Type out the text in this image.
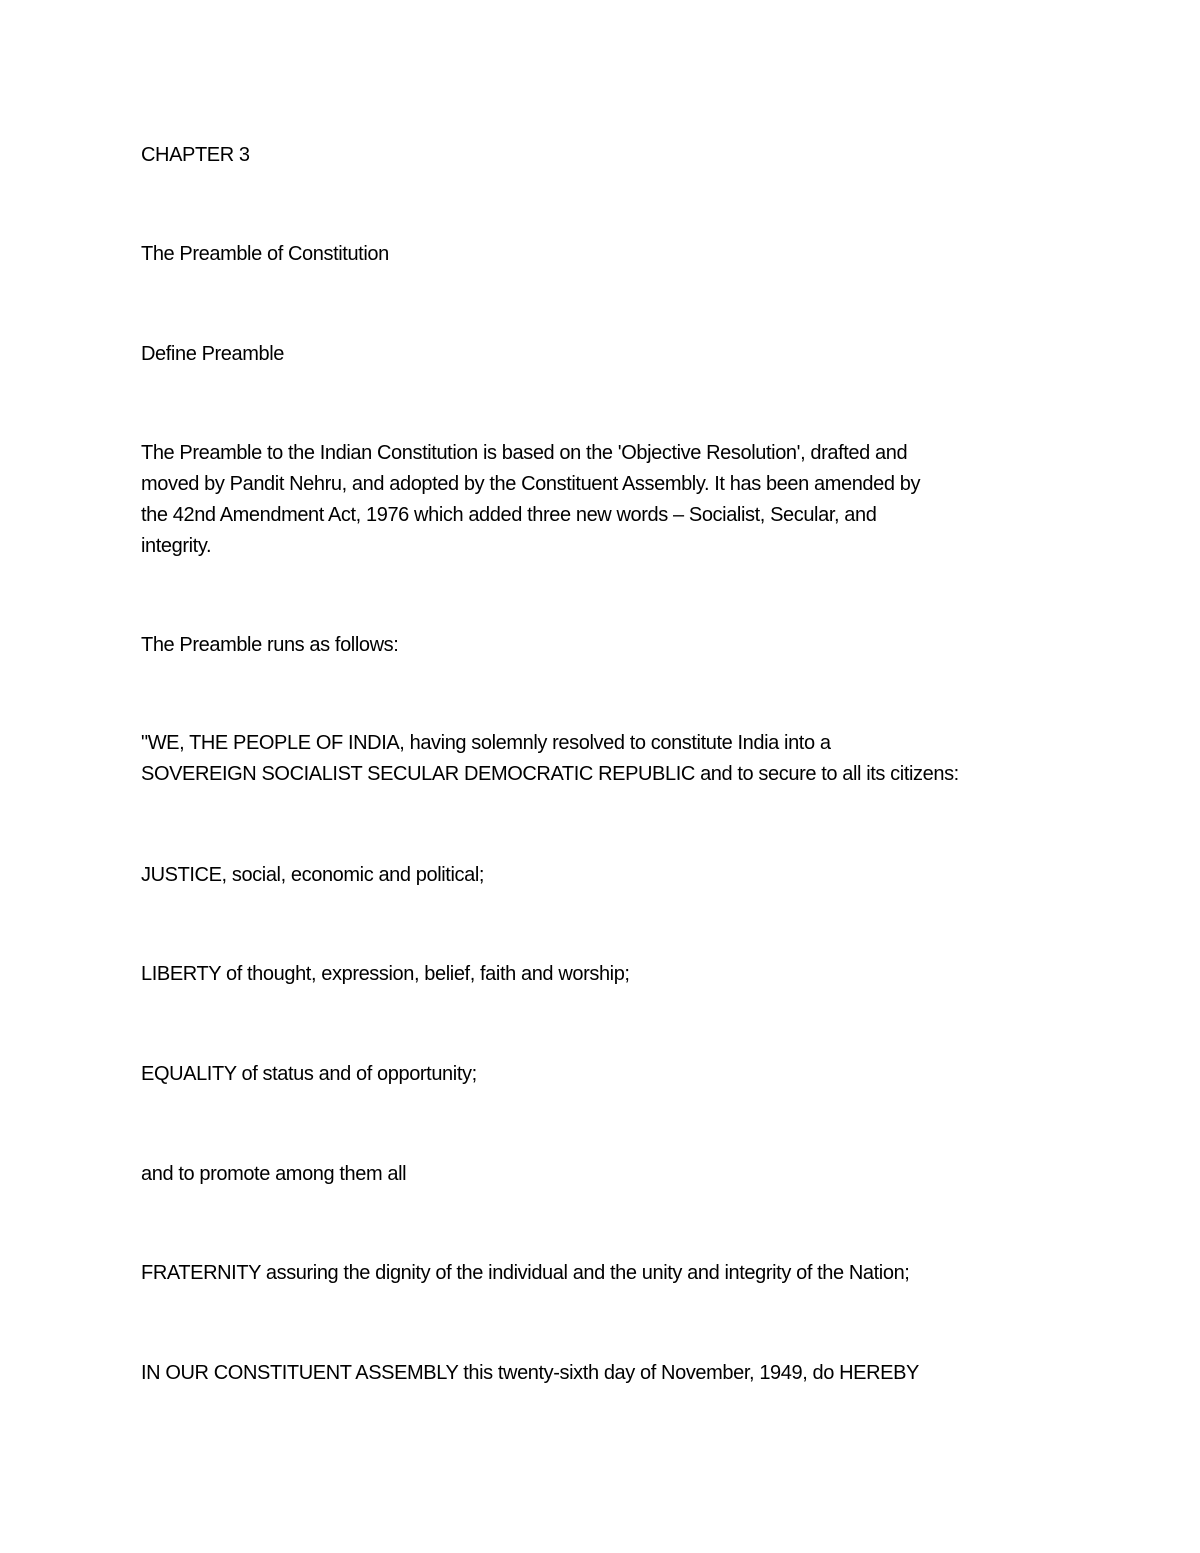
CHAPTER 3

The Preamble of Constitution

Define Preamble

The Preamble to the Indian Constitution is based on the 'Objective Resolution', drafted and
moved by Pandit Nehru, and adopted by the Constituent Assembly. It has been amended by
the 42nd Amendment Act, 1976 which added three new words – Socialist, Secular, and
integrity.

The Preamble runs as follows:

"WE, THE PEOPLE OF INDIA, having solemnly resolved to constitute India into a
SOVEREIGN SOCIALIST SECULAR DEMOCRATIC REPUBLIC and to secure to all its citizens:

JUSTICE, social, economic and political;

LIBERTY of thought, expression, belief, faith and worship;

EQUALITY of status and of opportunity;

and to promote among them all

FRATERNITY assuring the dignity of the individual and the unity and integrity of the Nation;

IN OUR CONSTITUENT ASSEMBLY this twenty-sixth day of November, 1949, do HEREBY
